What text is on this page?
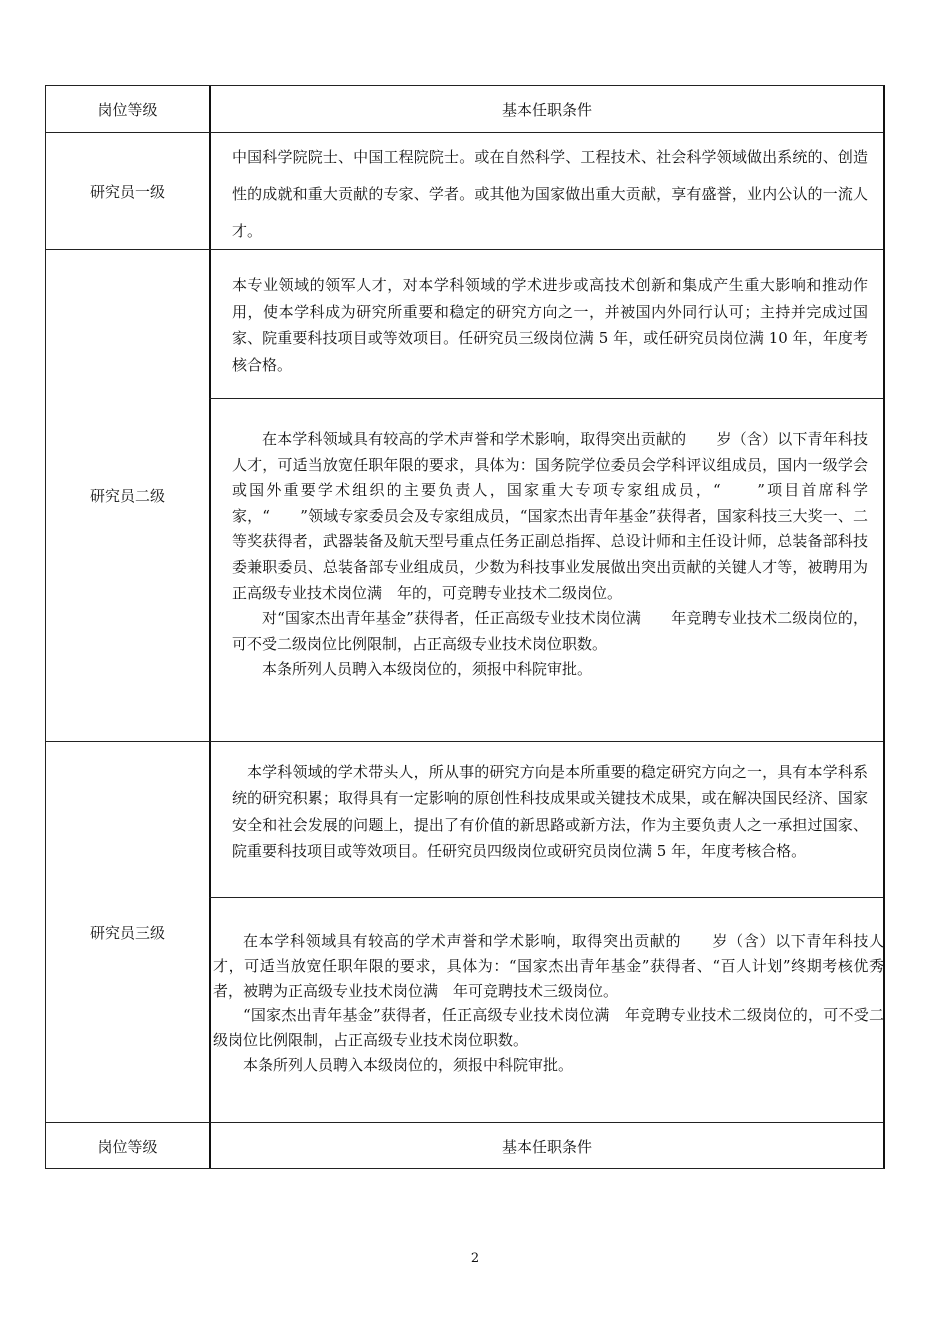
岗位等级	基本任职条件
研究员一级

中国科学院院士、中国工程院院士。或在自然科学、工程技术、社会科学领域做出系统的、创造性的成就和重大贡献的专家、学者。或其他为国家做出重大贡献，享有盛誉，业内公认的一流人才。

研究员二级

本专业领域的领军人才，对本学科领域的学术进步或高技术创新和集成产生重大影响和推动作用，使本学科成为研究所重要和稳定的研究方向之一，并被国内外同行认可；主持并完成过国家、院重要科技项目或等效项目。任研究员三级岗位满 5 年，或任研究员岗位满 10 年，年度考核合格。

在本学科领域具有较高的学术声誉和学术影响，取得突出贡献的　　岁（含）以下青年科技人才，可适当放宽任职年限的要求，具体为：国务院学位委员会学科评议组成员，国内一级学会或国外重要学术组织的主要负责人，国家重大专项专家组成员，“　　”项目首席科学家，“　　”领域专家委员会及专家组成员，“国家杰出青年基金”获得者，国家科技三大奖一、二等奖获得者，武器装备及航天型号重点任务正副总指挥、总设计师和主任设计师，总装备部科技委兼职委员、总装备部专业组成员，少数为科技事业发展做出突出贡献的关键人才等，被聘用为正高级专业技术岗位满　年的，可竞聘专业技术二级岗位。

对“国家杰出青年基金”获得者，任正高级专业技术岗位满　　年竞聘专业技术二级岗位的，可不受二级岗位比例限制，占正高级专业技术岗位职数。

本条所列人员聘入本级岗位的，须报中科院审批。

研究员三级

本学科领域的学术带头人，所从事的研究方向是本所重要的稳定研究方向之一，具有本学科系统的研究积累；取得具有一定影响的原创性科技成果或关键技术成果，或在解决国民经济、国家安全和社会发展的问题上，提出了有价值的新思路或新方法，作为主要负责人之一承担过国家、院重要科技项目或等效项目。任研究员四级岗位或研究员岗位满 5 年，年度考核合格。

在本学科领域具有较高的学术声誉和学术影响，取得突出贡献的　　岁（含）以下青年科技人才，可适当放宽任职年限的要求，具体为：“国家杰出青年基金”获得者、“百人计划”终期考核优秀者，被聘为正高级专业技术岗位满　年可竞聘技术三级岗位。

“国家杰出青年基金”获得者，任正高级专业技术岗位满　年竞聘专业技术二级岗位的，可不受二级岗位比例限制，占正高级专业技术岗位职数。

本条所列人员聘入本级岗位的，须报中科院审批。

岗位等级	基本任职条件
2
